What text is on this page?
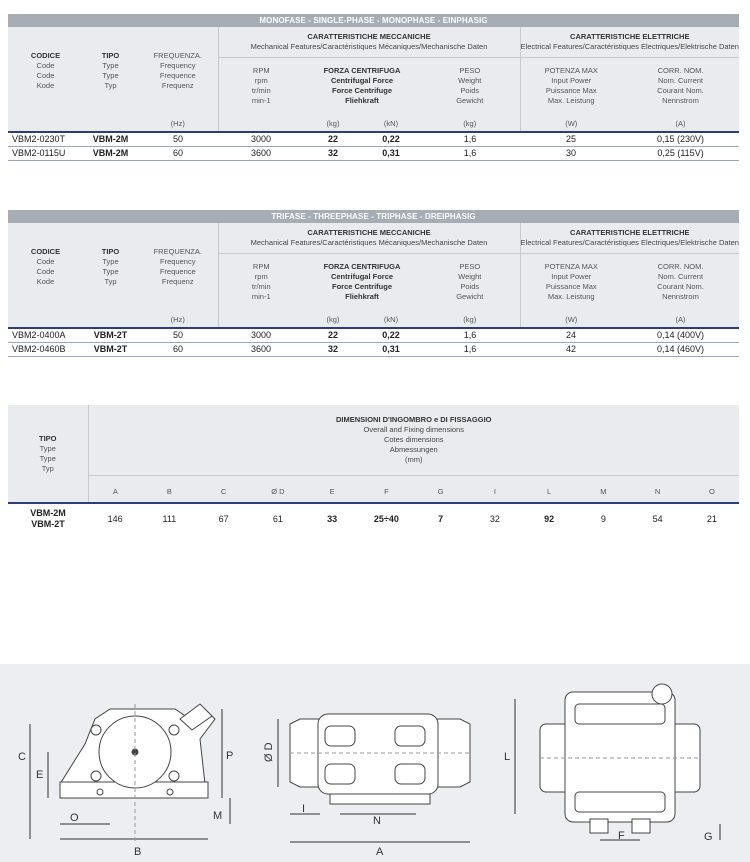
MONOFASE - SINGLE-PHASE - MONOPHASE - EINPHASIG							
CODICE
Code
Code
Kode	TIPO
Type
Type
Typ	FREQUENZA.
Frequency
Frequence
Frequenz	CARATTERISTICHE MECCANICHE
Mechanical Features/Caractéristiques Mécaniques/Mechanische Daten			CARATTERISTICHE ELETTRICHE
Electrical Features/Caractéristiques Electriques/Elektrische Daten	
			RPM
rpm
tr/min
min-1	FORZA CENTRIFUGA
Centrifugal Force
Force Centrifuge
Fliehkraft	PESO
Weight
Poids
Gewicht	POTENZA MAX
Input Power
Puissance Max
Max. Leistung	CORR. NOM.
Nom. Current
Courant Nom.
Nennstrom
		(Hz)		(kg) (kN)	(kg)	(W)	(A)
VBM2-0230T	VBM-2M	50	3000	22 0,22	1,6	25	0,15 (230V)
VBM2-0115U	VBM-2M	60	3600	32 0,31	1,6	30	0,25 (115V)
TRIFASE - THREEPHASE - TRIPHASE - DREIPHASIG							
CODICE
Code
Code
Kode	TIPO
Type
Type
Typ	FREQUENZA.
Frequency
Frequence
Frequenz	CARATTERISTICHE MECCANICHE
Mechanical Features/Caractéristiques Mécaniques/Mechanische Daten			CARATTERISTICHE ELETTRICHE
Electrical Features/Caractéristiques Electriques/Elektrische Daten	
			RPM
rpm
tr/min
min-1	FORZA CENTRIFUGA
Centrifugal Force
Force Centrifuge
Fliehkraft	PESO
Weight
Poids
Gewicht	POTENZA MAX
Input Power
Puissance Max
Max. Leistung	CORR. NOM.
Nom. Current
Courant Nom.
Nennstrom
		(Hz)		(kg) (kN)	(kg)	(W)	(A)
VBM2-0400A	VBM-2T	50	3000	22 0,22	1,6	24	0,14 (400V)
VBM2-0460B	VBM-2T	60	3600	32 0,31	1,6	42	0,14 (460V)
TIPO
Type
Type
Typ	DIMENSIONI D'INGOMBRO e DI FISSAGGIO
Overall and Fixing dimensions
Cotes dimensions
Abmessungen
(mm)											
	A	B	C	Ø D	E	F	G	I	L	M	N	O
VBM-2M
VBM-2T	146	111	67	61	33	25÷40	7	32	92	9	54	21
C
E
P
M
O
B
Ø D
I
N
A
L
F	G
